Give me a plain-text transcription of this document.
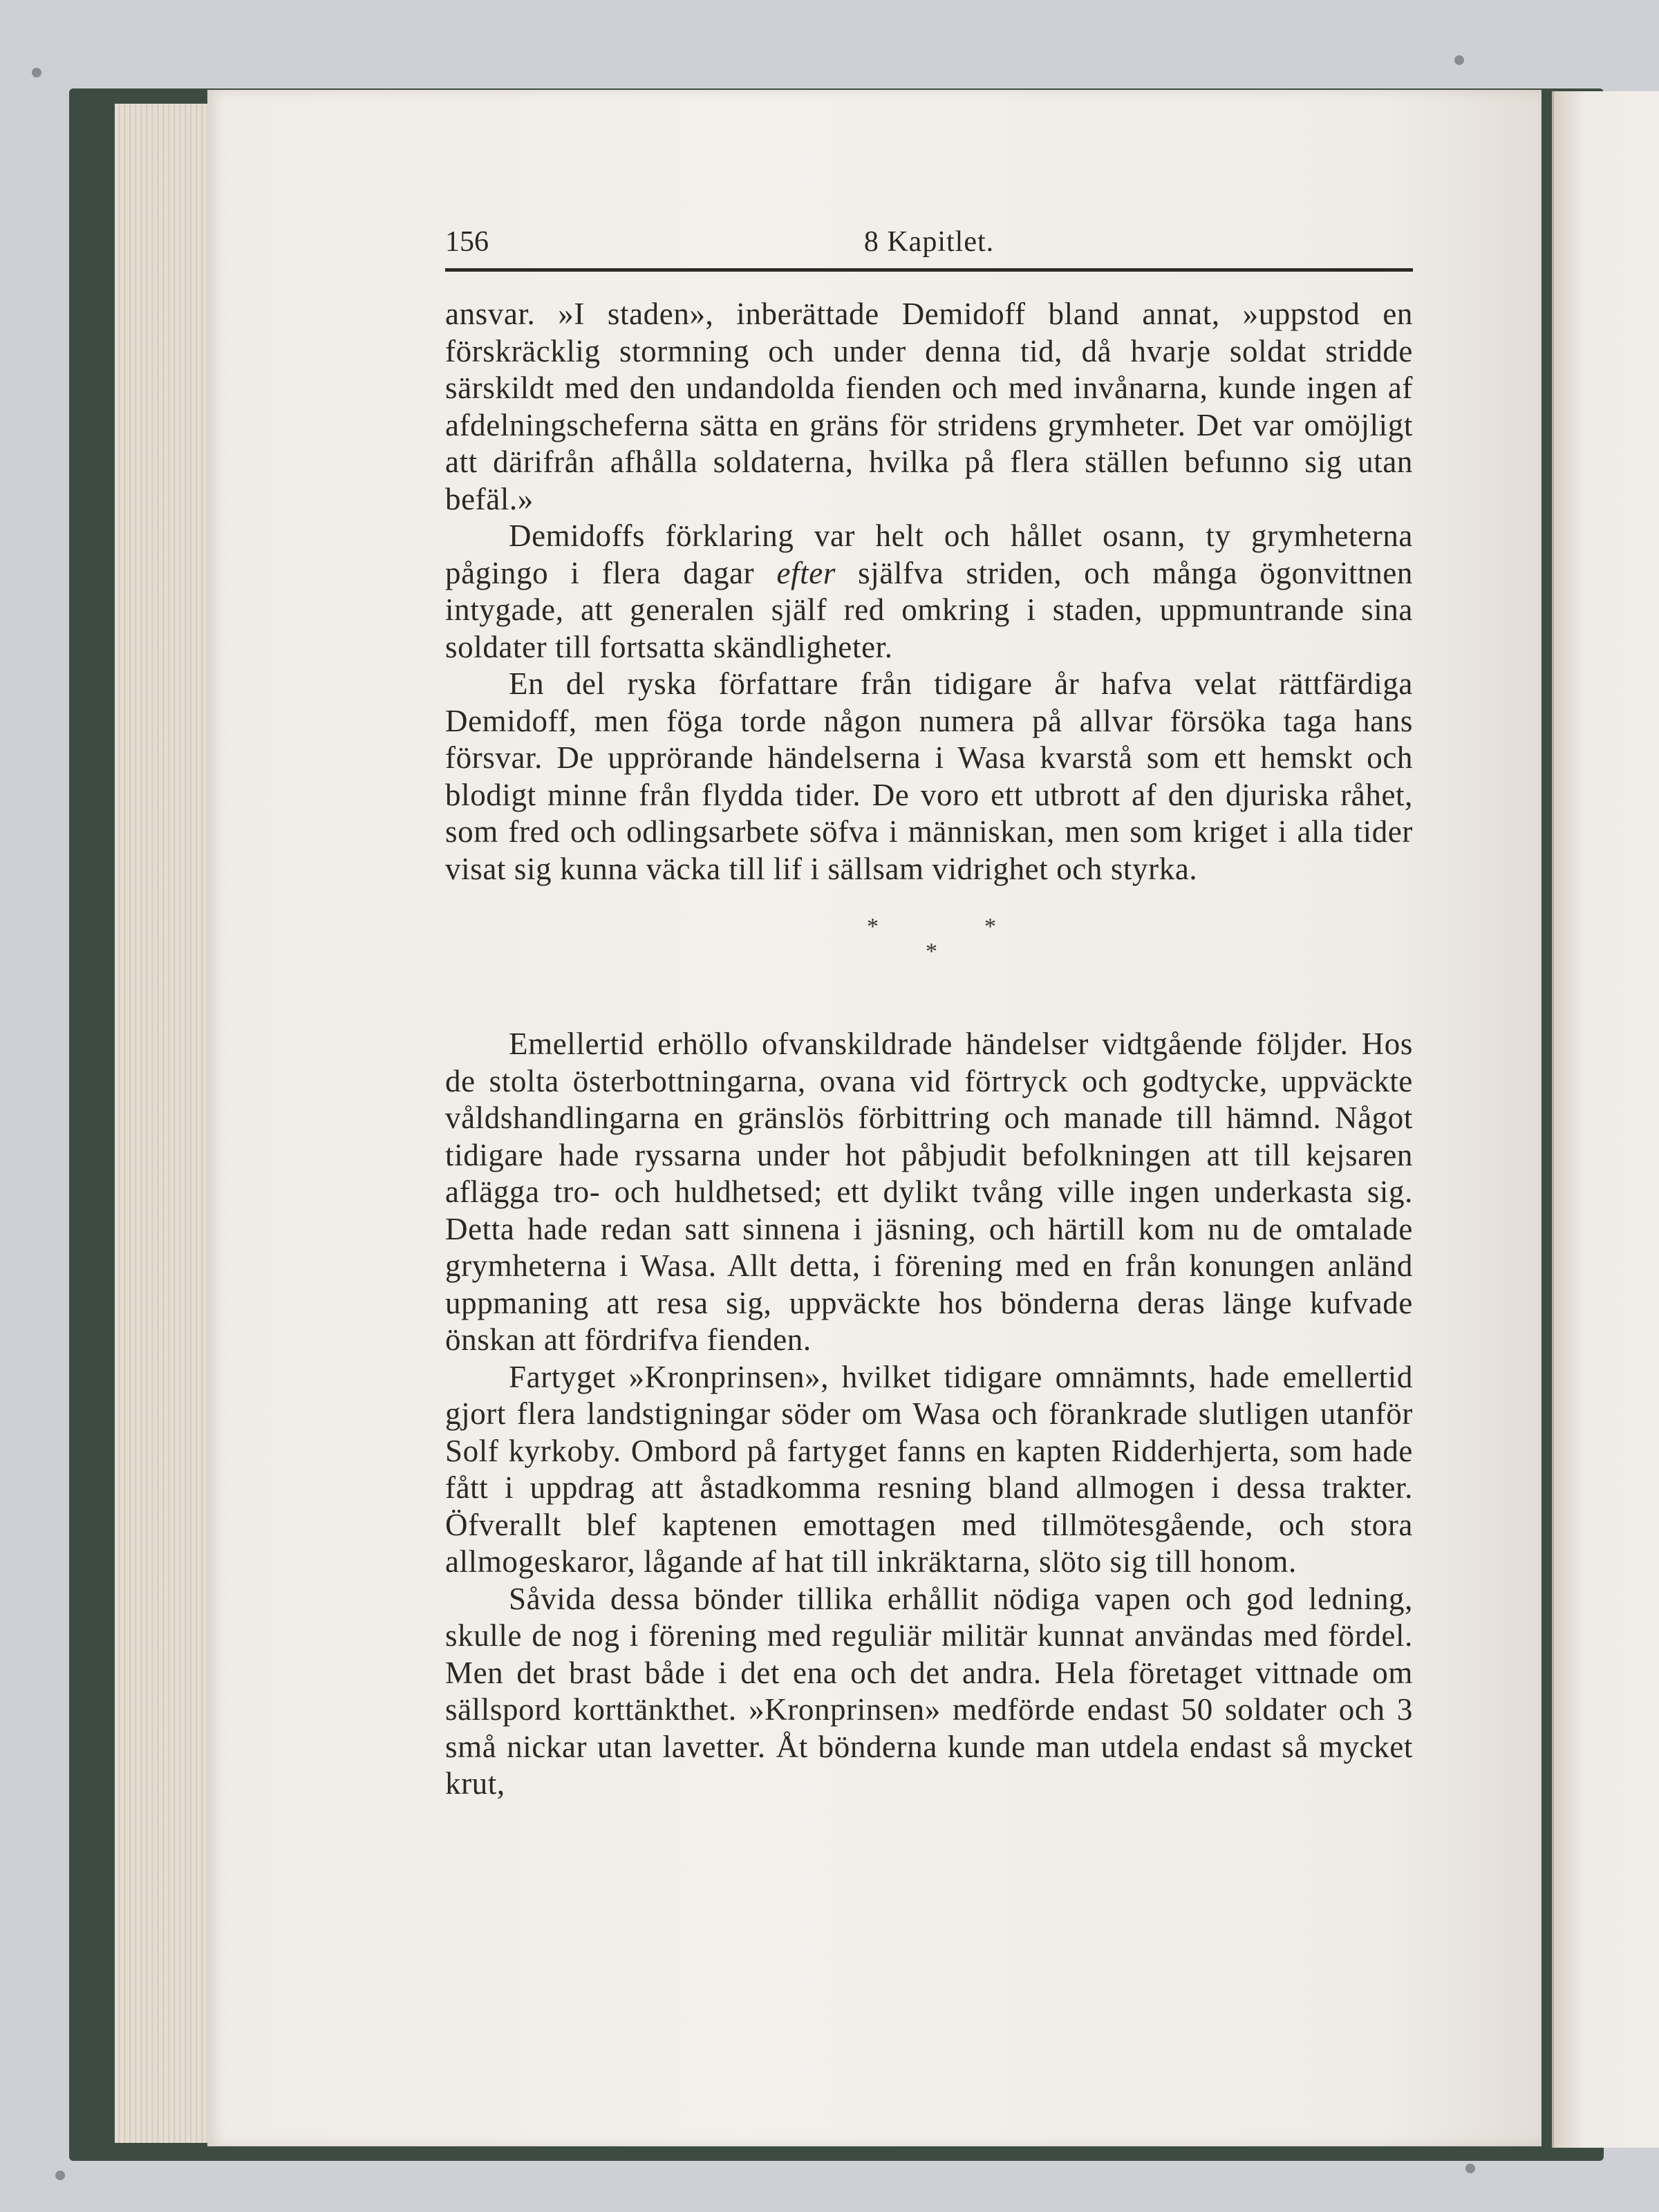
156	8 Kapitlet.

ansvar. »I staden», inberättade Demidoff bland annat, »uppstod en förskräcklig stormning och under denna tid, då hvarje soldat stridde särskildt med den undandolda fienden och med invånarna, kunde ingen af afdelningscheferna sätta en gräns för stridens grymheter. Det var omöjligt att därifrån afhålla soldaterna, hvilka på flera ställen befunno sig utan befäl.»

Demidoffs förklaring var helt och hållet osann, ty grymheterna pågingo i flera dagar efter själfva striden, och många ögonvittnen intygade, att generalen själf red omkring i staden, uppmuntrande sina soldater till fortsatta skändligheter.

En del ryska författare från tidigare år hafva velat rättfärdiga Demidoff, men föga torde någon numera på allvar försöka taga hans försvar. De upprörande händelserna i Wasa kvarstå som ett hemskt och blodigt minne från flydda tider. De voro ett utbrott af den djuriska råhet, som fred och odlingsarbete söfva i människan, men som kriget i alla tider visat sig kunna väcka till lif i sällsam vidrighet och styrka.

*	*
*

Emellertid erhöllo ofvanskildrade händelser vidtgående följder. Hos de stolta österbottningarna, ovana vid förtryck och godtycke, uppväckte våldshandlingarna en gränslös förbittring och manade till hämnd. Något tidigare hade ryssarna under hot påbjudit befolkningen att till kejsaren aflägga tro- och huldhetsed; ett dylikt tvång ville ingen underkasta sig. Detta hade redan satt sinnena i jäsning, och härtill kom nu de omtalade grymheterna i Wasa. Allt detta, i förening med en från konungen anländ uppmaning att resa sig, uppväckte hos bönderna deras länge kufvade önskan att fördrifva fienden.

Fartyget »Kronprinsen», hvilket tidigare omnämnts, hade emellertid gjort flera landstigningar söder om Wasa och förankrade slutligen utanför Solf kyrkoby. Ombord på fartyget fanns en kapten Ridderhjerta, som hade fått i uppdrag att åstadkomma resning bland allmogen i dessa trakter. Öfverallt blef kaptenen emottagen med tillmötesgående, och stora allmogeskaror, lågande af hat till inkräktarna, slöto sig till honom.

Såvida dessa bönder tillika erhållit nödiga vapen och god ledning, skulle de nog i förening med reguliär militär kunnat användas med fördel. Men det brast både i det ena och det andra. Hela företaget vittnade om sällspord korttänkthet. »Kronprinsen» medförde endast 50 soldater och 3 små nickar utan lavetter. Åt bönderna kunde man utdela endast så mycket krut,
